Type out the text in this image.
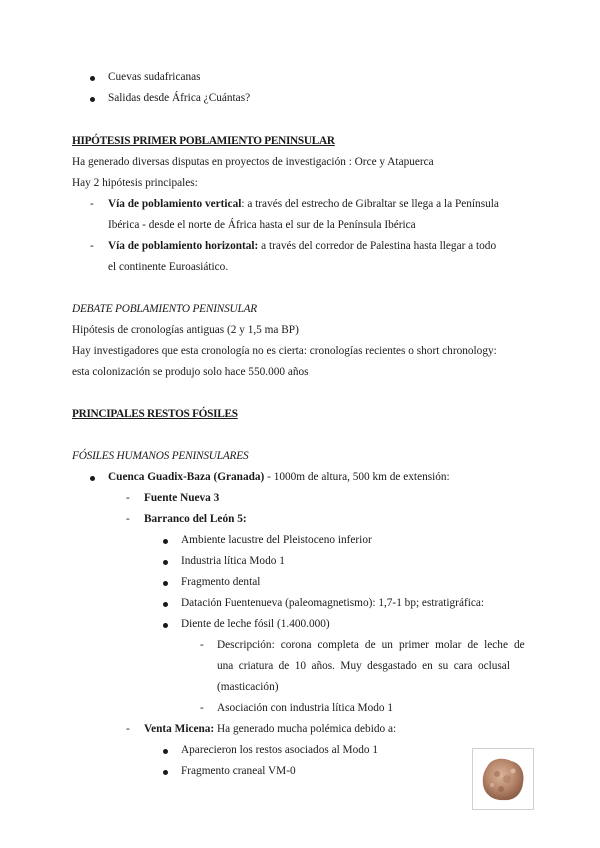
Cuevas sudafricanas
Salidas desde África ¿Cuántas?
HIPÓTESIS PRIMER POBLAMIENTO PENINSULAR
Ha generado diversas disputas en proyectos de investigación : Orce y Atapuerca
Hay 2 hipótesis principales:
- Vía de poblamiento vertical: a través del estrecho de Gibraltar se llega a la Península
Ibérica - desde el norte de África hasta el sur de la Península Ibérica
- Vía de poblamiento horizontal: a través del corredor de Palestina hasta llegar a todo
el continente Euroasiático.
DEBATE POBLAMIENTO PENINSULAR
Hipótesis de cronologías antiguas (2 y 1,5 ma BP)
Hay investigadores que esta cronología no es cierta: cronologías recientes o short chronology:
esta colonización se produjo solo hace 550.000 años
PRINCIPALES RESTOS FÓSILES
FÓSILES HUMANOS PENINSULARES
Cuenca Guadix-Baza (Granada) - 1000m de altura, 500 km de extensión:
- Fuente Nueva 3
- Barranco del León 5:
Ambiente lacustre del Pleistoceno inferior
Industria lítica Modo 1
Fragmento dental
Datación Fuentenueva (paleomagnetismo): 1,7-1 bp; estratigráfica:
Diente de leche fósil (1.400.000)
- Descripción: corona completa de un primer molar de leche de
una criatura de 10 años. Muy desgastado en su cara oclusal
(masticación)
- Asociación con industria lítica Modo 1
- Venta Micena: Ha generado mucha polémica debido a:
Aparecieron los restos asociados al Modo 1
Fragmento craneal VM-0
